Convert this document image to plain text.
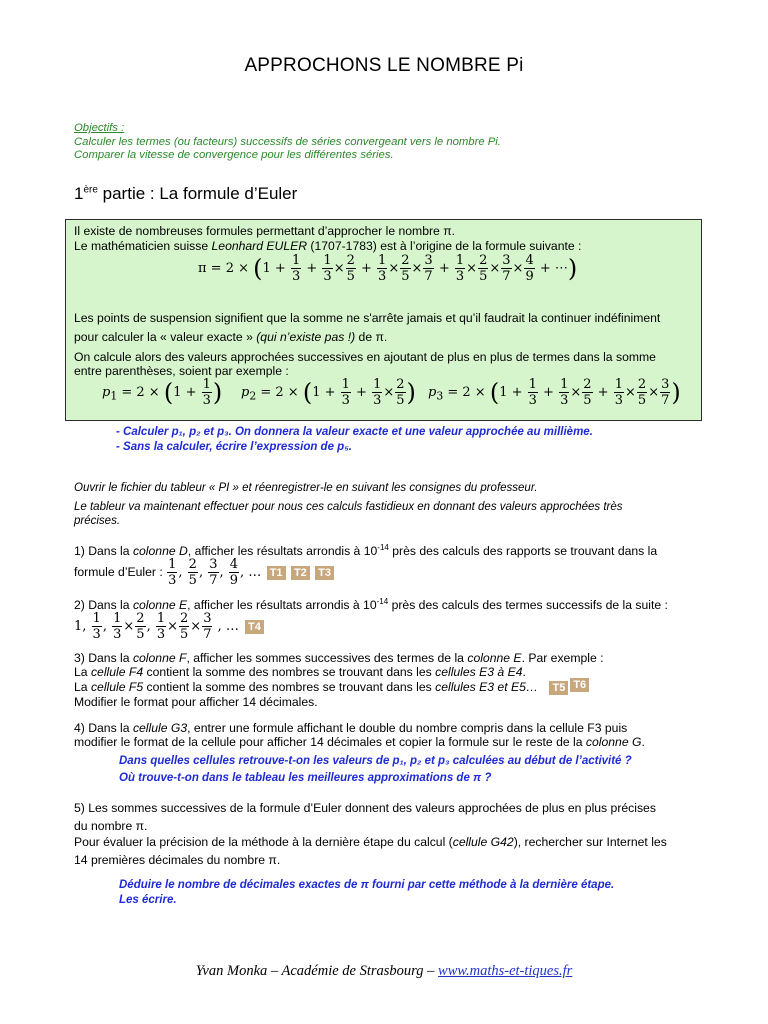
APPROCHONS LE NOMBRE Pi
Objectifs :
Calculer les termes (ou facteurs) successifs de séries convergeant vers le nombre Pi.
Comparer la vitesse de convergence pour les différentes séries.
1ère partie : La formule d’Euler
Il existe de nombreuses formules permettant d’approcher le nombre π.
Le mathématicien suisse Leonhard EULER (1707-1783) est à l’origine de la formule suivante :
$\pi = 2 \times (1 + \frac{1}{3} + \frac{1}{3} \times \frac{2}{5} + \frac{1}{3} \times \frac{2}{5} \times \frac{3}{7} + \frac{1}{3} \times \frac{2}{5} \times \frac{3}{7} \times \frac{4}{9}$ + ⋯)
Les points de suspension signifient que la somme ne s'arrête jamais et qu’il faudrait la continuer indéfiniment
pour calculer la « valeur exacte » (qui n’existe pas !) de π.
On calcule alors des valeurs approchées successives en ajoutant de plus en plus de termes dans la somme
entre parenthèses, soient par exemple :
$p_1 = 2 \times (1 + \frac{1}{3}$ ) $p_2 = 2 \times (1 + \frac{1}{3} + \frac{1}{3} \times \frac{2}{5}$ ) $p_3 = 2 \times (1 + \frac{1}{3} + \frac{1}{3} \times \frac{2}{5} + \frac{1}{3} \times \frac{2}{5} \times \frac{3}{7}$ )
- Calculer p₁, p₂ et p₃. On donnera la valeur exacte et une valeur approchée au millième.
- Sans la calculer, écrire l’expression de p₅.
Ouvrir le fichier du tableur « PI » et réenregistrer-le en suivant les consignes du professeur.
Le tableur va maintenant effectuer pour nous ces calculs fastidieux en donnant des valeurs approchées très
précises.
1) Dans la colonne D, afficher les résultats arrondis à $10^{-14}$ près des calculs des rapports se trouvant dans la
formule d’Euler : $\frac{1}{3}$ , $\frac{2}{5}$ , $\frac{3}{7}$ , $\frac{4}{9}$ , … T1 T2 T3
2) Dans la colonne E, afficher les résultats arrondis à $10^{-14}$ près des calculs des termes successifs de la suite :
1, $\frac{1}{3}$ , $\frac{1}{3} \times \frac{2}{5}$ , $\frac{1}{3} \times \frac{2}{5} \times \frac{3}{7}$ , … T4
3) Dans la colonne F, afficher les sommes successives des termes de la colonne E. Par exemple :
La cellule F4 contient la somme des nombres se trouvant dans les cellules E3 à E4.
La cellule F5 contient la somme des nombres se trouvant dans les cellules E3 et E5… T5 T6
Modifier le format pour afficher 14 décimales.
4) Dans la cellule G3, entrer une formule affichant le double du nombre compris dans la cellule F3 puis
modifier le format de la cellule pour afficher 14 décimales et copier la formule sur le reste de la colonne G.
Dans quelles cellules retrouve-t-on les valeurs de p₁, p₂ et p₃ calculées au début de l’activité ?
Où trouve-t-on dans le tableau les meilleures approximations de π ?
5) Les sommes successives de la formule d’Euler donnent des valeurs approchées de plus en plus précises
du nombre π.
Pour évaluer la précision de la méthode à la dernière étape du calcul (cellule G42), rechercher sur Internet les
14 premières décimales du nombre π.
Déduire le nombre de décimales exactes de π fourni par cette méthode à la dernière étape.
Les écrire.
Yvan Monka – Académie de Strasbourg – www.maths-et-tiques.fr
